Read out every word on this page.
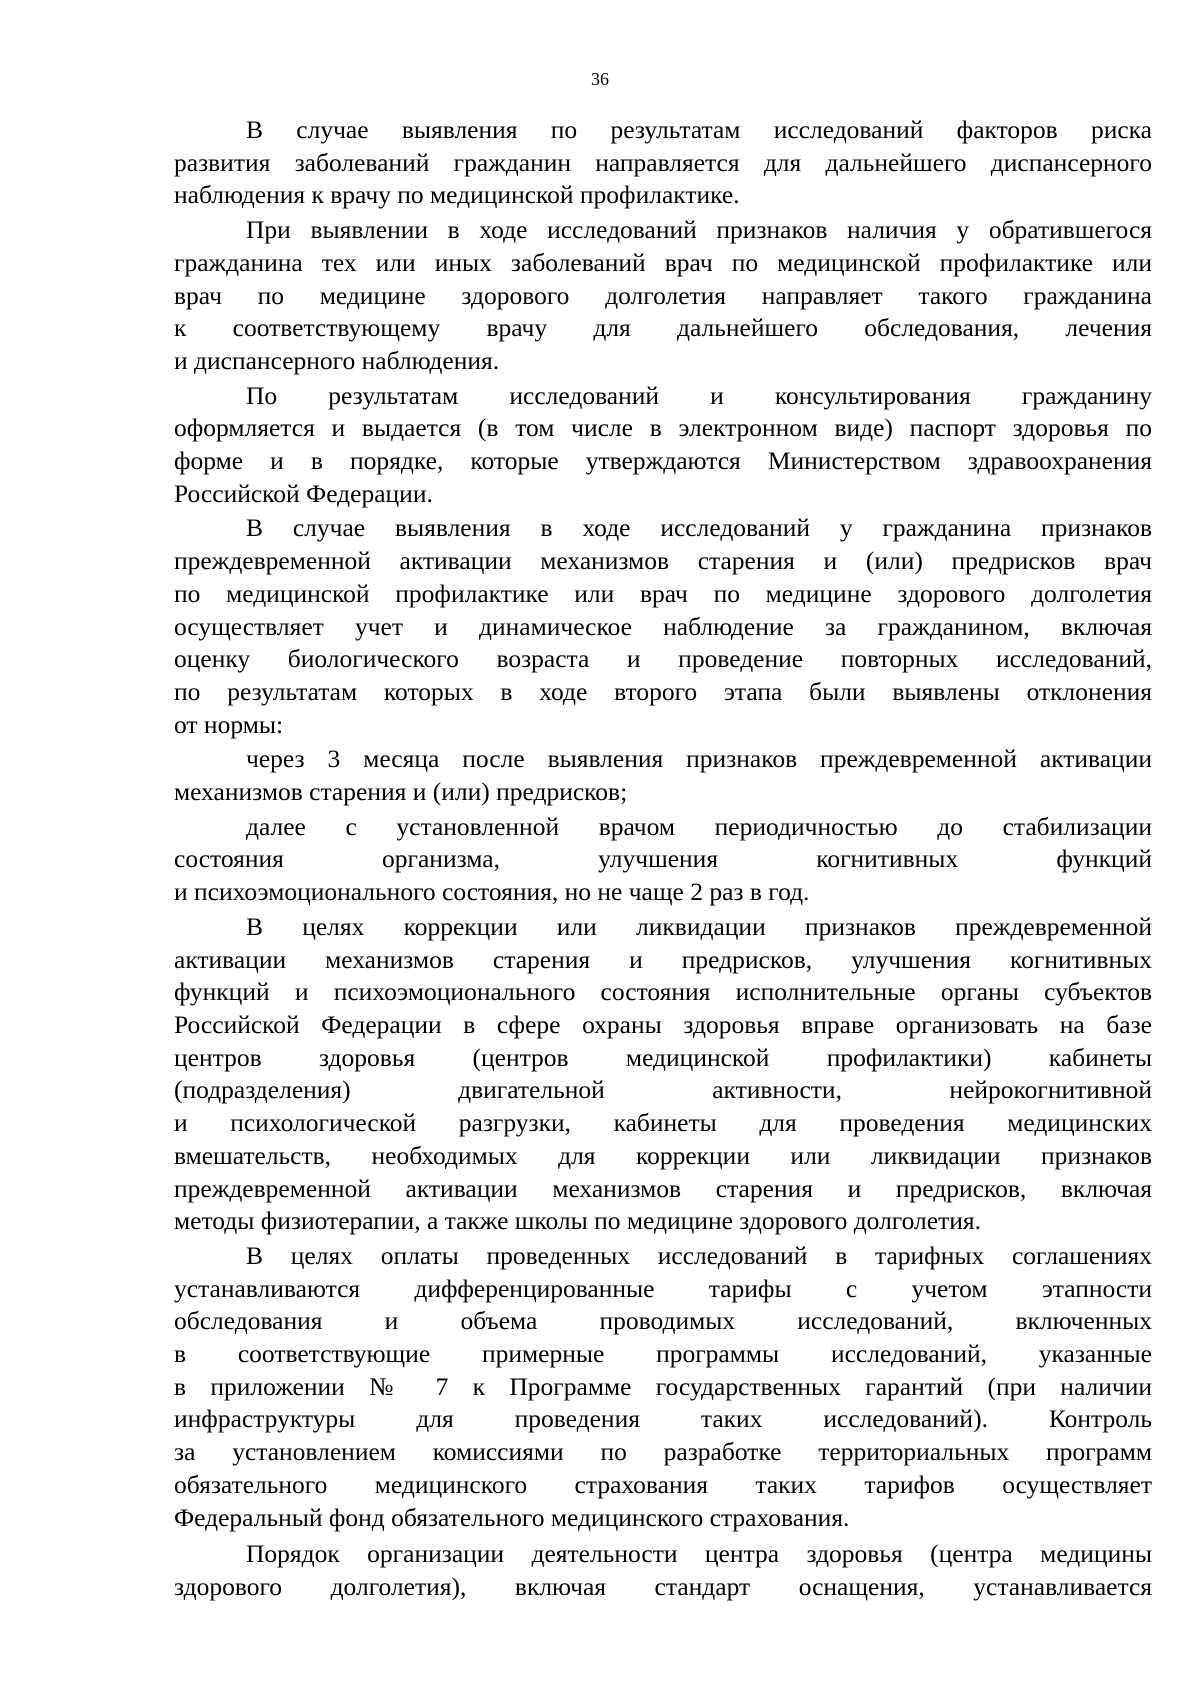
36
В случае выявления по результатам исследований факторов риска
развития заболеваний гражданин направляется для дальнейшего диспансерного
наблюдения к врачу по медицинской профилактике.
При выявлении в ходе исследований признаков наличия у обратившегося
гражданина тех или иных заболеваний врач по медицинской профилактике или
врач по медицине здорового долголетия направляет такого гражданина
к соответствующему врачу для дальнейшего обследования, лечения
и диспансерного наблюдения.
По результатам исследований и консультирования гражданину
оформляется и выдается (в том числе в электронном виде) паспорт здоровья по
форме и в порядке, которые утверждаются Министерством здравоохранения
Российской Федерации.
В случае выявления в ходе исследований у гражданина признаков
преждевременной активации механизмов старения и (или) предрисков врач
по медицинской профилактике или врач по медицине здорового долголетия
осуществляет учет и динамическое наблюдение за гражданином, включая
оценку биологического возраста и проведение повторных исследований,
по результатам которых в ходе второго этапа были выявлены отклонения
от нормы:
через 3 месяца после выявления признаков преждевременной активации
механизмов старения и (или) предрисков;
далее с установленной врачом периодичностью до стабилизации
состояния организма, улучшения когнитивных функций
и психоэмоционального состояния, но не чаще 2 раз в год.
В целях коррекции или ликвидации признаков преждевременной
активации механизмов старения и предрисков, улучшения когнитивных
функций и психоэмоционального состояния исполнительные органы субъектов
Российской Федерации в сфере охраны здоровья вправе организовать на базе
центров здоровья (центров медицинской профилактики) кабинеты
(подразделения) двигательной активности, нейрокогнитивной
и психологической разгрузки, кабинеты для проведения медицинских
вмешательств, необходимых для коррекции или ликвидации признаков
преждевременной активации механизмов старения и предрисков, включая
методы физиотерапии, а также школы по медицине здорового долголетия.
В целях оплаты проведенных исследований в тарифных соглашениях
устанавливаются дифференцированные тарифы с учетом этапности
обследования и объема проводимых исследований, включенных
в соответствующие примерные программы исследований, указанные
в приложении № 7 к Программе государственных гарантий (при наличии
инфраструктуры для проведения таких исследований). Контроль
за установлением комиссиями по разработке территориальных программ
обязательного медицинского страхования таких тарифов осуществляет
Федеральный фонд обязательного медицинского страхования.
Порядок организации деятельности центра здоровья (центра медицины
здорового долголетия), включая стандарт оснащения, устанавливается
